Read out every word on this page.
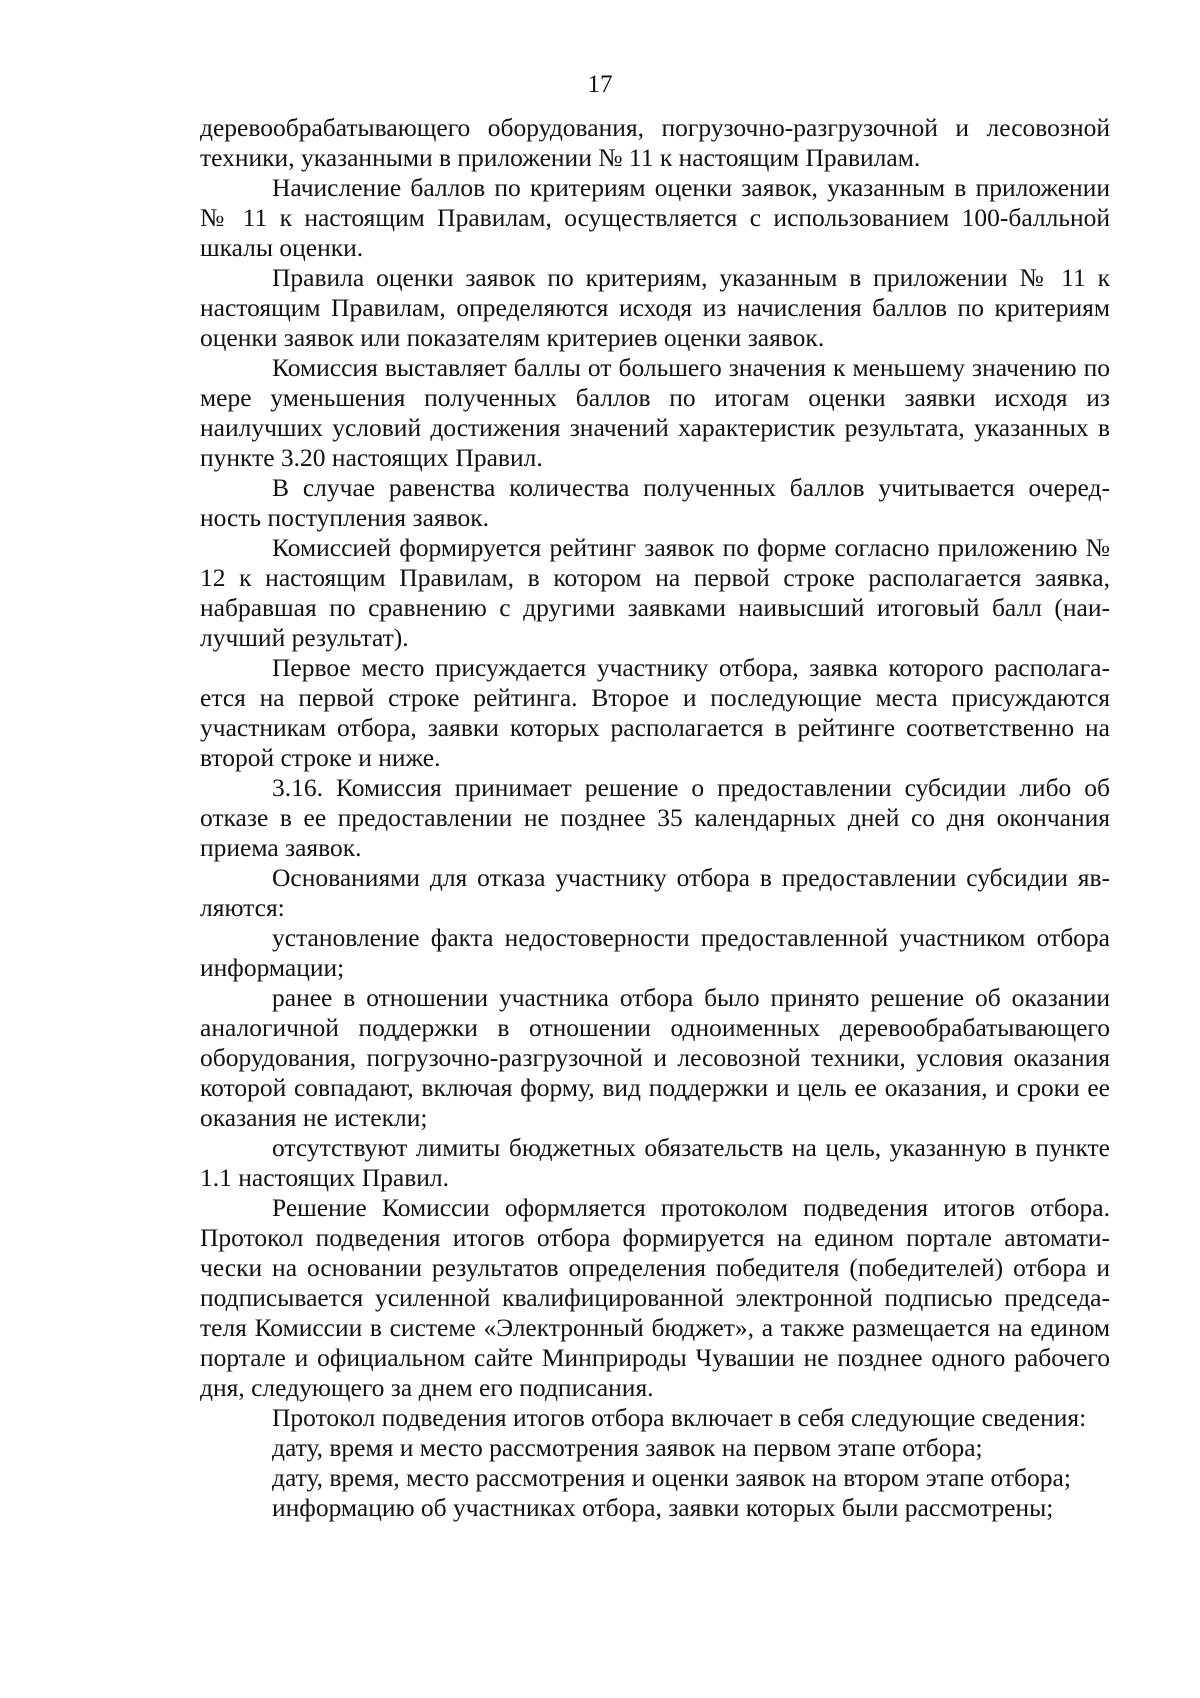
17

деревообрабатывающего оборудования, погрузочно-разгрузочной и лесовозной техники, указанными в приложении № 11 к настоящим Правилам.

Начисление баллов по критериям оценки заявок, указанным в приложении № 11 к настоящим Правилам, осуществляется с использованием 100-балльной шкалы оценки.

Правила оценки заявок по критериям, указанным в приложении № 11 к настоящим Правилам, определяются исходя из начисления баллов по критериям оценки заявок или показателям критериев оценки заявок.

Комиссия выставляет баллы от большего значения к меньшему значению по мере уменьшения полученных баллов по итогам оценки заявки исходя из наилучших условий достижения значений характеристик результата, указанных в пункте 3.20 настоящих Правил.

В случае равенства количества полученных баллов учитывается очередность поступления заявок.

Комиссией формируется рейтинг заявок по форме согласно приложению № 12 к настоящим Правилам, в котором на первой строке располагается заявка, набравшая по сравнению с другими заявками наивысший итоговый балл (наилучший результат).

Первое место присуждается участнику отбора, заявка которого располагается на первой строке рейтинга. Второе и последующие места присуждаются участникам отбора, заявки которых располагается в рейтинге соответственно на второй строке и ниже.

3.16. Комиссия принимает решение о предоставлении субсидии либо об отказе в ее предоставлении не позднее 35 календарных дней со дня окончания приема заявок.

Основаниями для отказа участнику отбора в предоставлении субсидии являются:

установление факта недостоверности предоставленной участником отбора информации;

ранее в отношении участника отбора было принято решение об оказании аналогичной поддержки в отношении одноименных деревообрабатывающего оборудования, погрузочно-разгрузочной и лесовозной техники, условия оказания которой совпадают, включая форму, вид поддержки и цель ее оказания, и сроки ее оказания не истекли;

отсутствуют лимиты бюджетных обязательств на цель, указанную в пункте 1.1 настоящих Правил.

Решение Комиссии оформляется протоколом подведения итогов отбора. Протокол подведения итогов отбора формируется на едином портале автоматически на основании результатов определения победителя (победителей) отбора и подписывается усиленной квалифицированной электронной подписью председателя Комиссии в системе «Электронный бюджет», а также размещается на едином портале и официальном сайте Минприроды Чувашии не позднее одного рабочего дня, следующего за днем его подписания.

Протокол подведения итогов отбора включает в себя следующие сведения:

дату, время и место рассмотрения заявок на первом этапе отбора;

дату, время, место рассмотрения и оценки заявок на втором этапе отбора;

информацию об участниках отбора, заявки которых были рассмотрены;
